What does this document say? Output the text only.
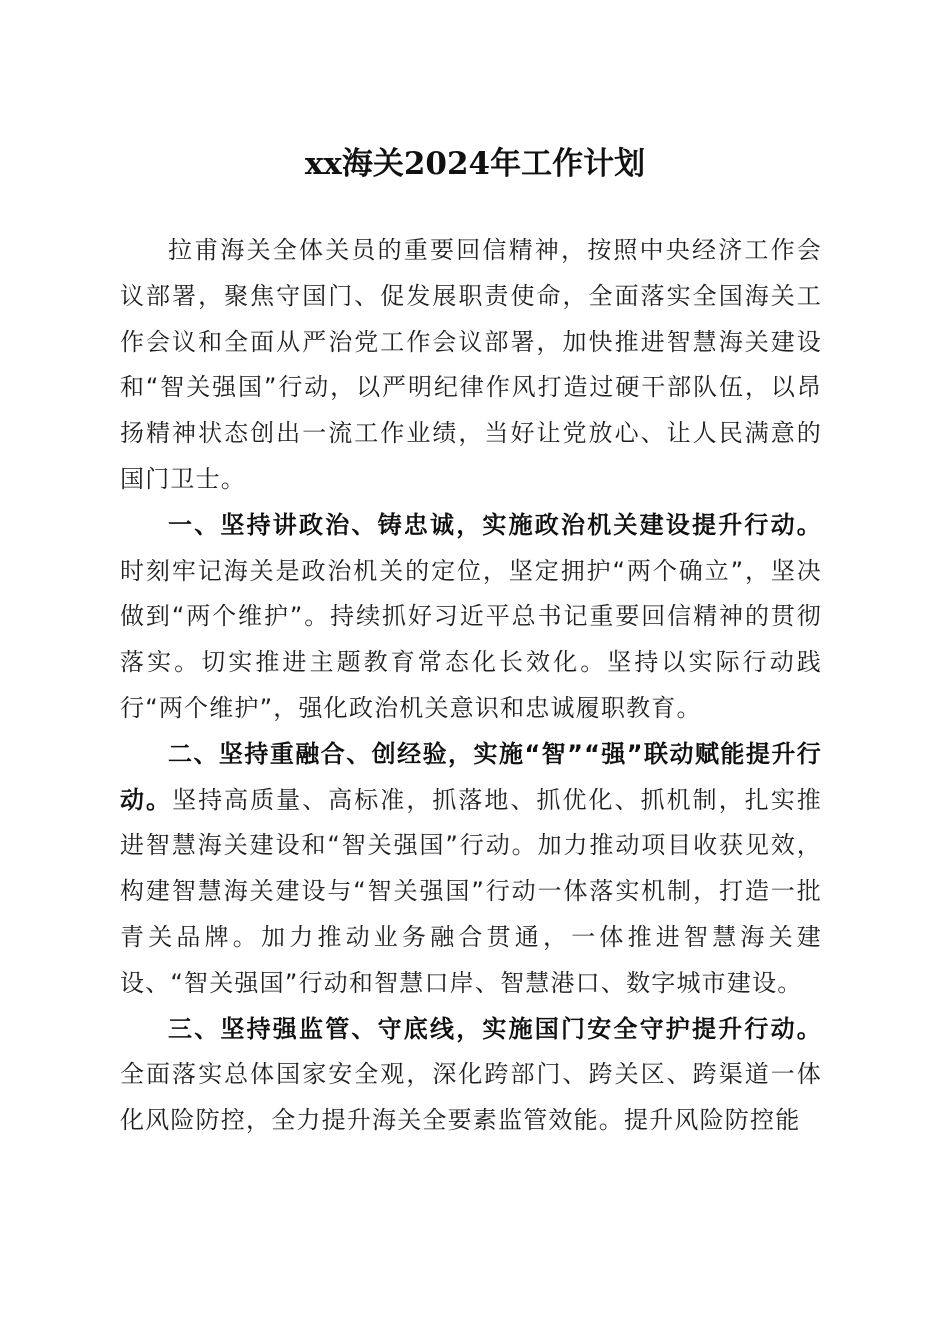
xx海关2024年工作计划

拉甫海关全体关员的重要回信精神，按照中央经济工作会议部署，聚焦守国门、促发展职责使命，全面落实全国海关工作会议和全面从严治党工作会议部署，加快推进智慧海关建设和“智关强国”行动，以严明纪律作风打造过硬干部队伍，以昂扬精神状态创出一流工作业绩，当好让党放心、让人民满意的国门卫士。

一、坚持讲政治、铸忠诚，实施政治机关建设提升行动。时刻牢记海关是政治机关的定位，坚定拥护“两个确立”，坚决做到“两个维护”。持续抓好习近平总书记重要回信精神的贯彻落实。切实推进主题教育常态化长效化。坚持以实际行动践行“两个维护”，强化政治机关意识和忠诚履职教育。

二、坚持重融合、创经验，实施“智”“强”联动赋能提升行动。坚持高质量、高标准，抓落地、抓优化、抓机制，扎实推进智慧海关建设和“智关强国”行动。加力推动项目收获见效，构建智慧海关建设与“智关强国”行动一体落实机制，打造一批青关品牌。加力推动业务融合贯通，一体推进智慧海关建设、“智关强国”行动和智慧口岸、智慧港口、数字城市建设。

三、坚持强监管、守底线，实施国门安全守护提升行动。全面落实总体国家安全观，深化跨部门、跨关区、跨渠道一体化风险防控，全力提升海关全要素监管效能。提升风险防控能
